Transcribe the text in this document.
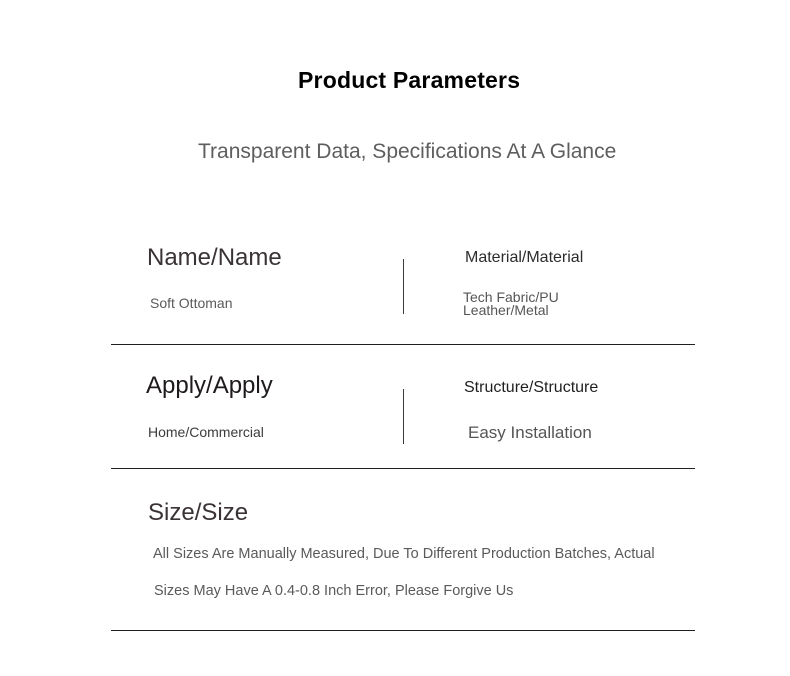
Product Parameters
Transparent Data, Specifications At A Glance
Name/Name
Soft Ottoman
Material/Material
Tech Fabric/PU
Leather/Metal
Apply/Apply
Home/Commercial
Structure/Structure
Easy Installation
Size/Size
All Sizes Are Manually Measured, Due To Different Production Batches, Actual
Sizes May Have A 0.4-0.8 Inch Error, Please Forgive Us
